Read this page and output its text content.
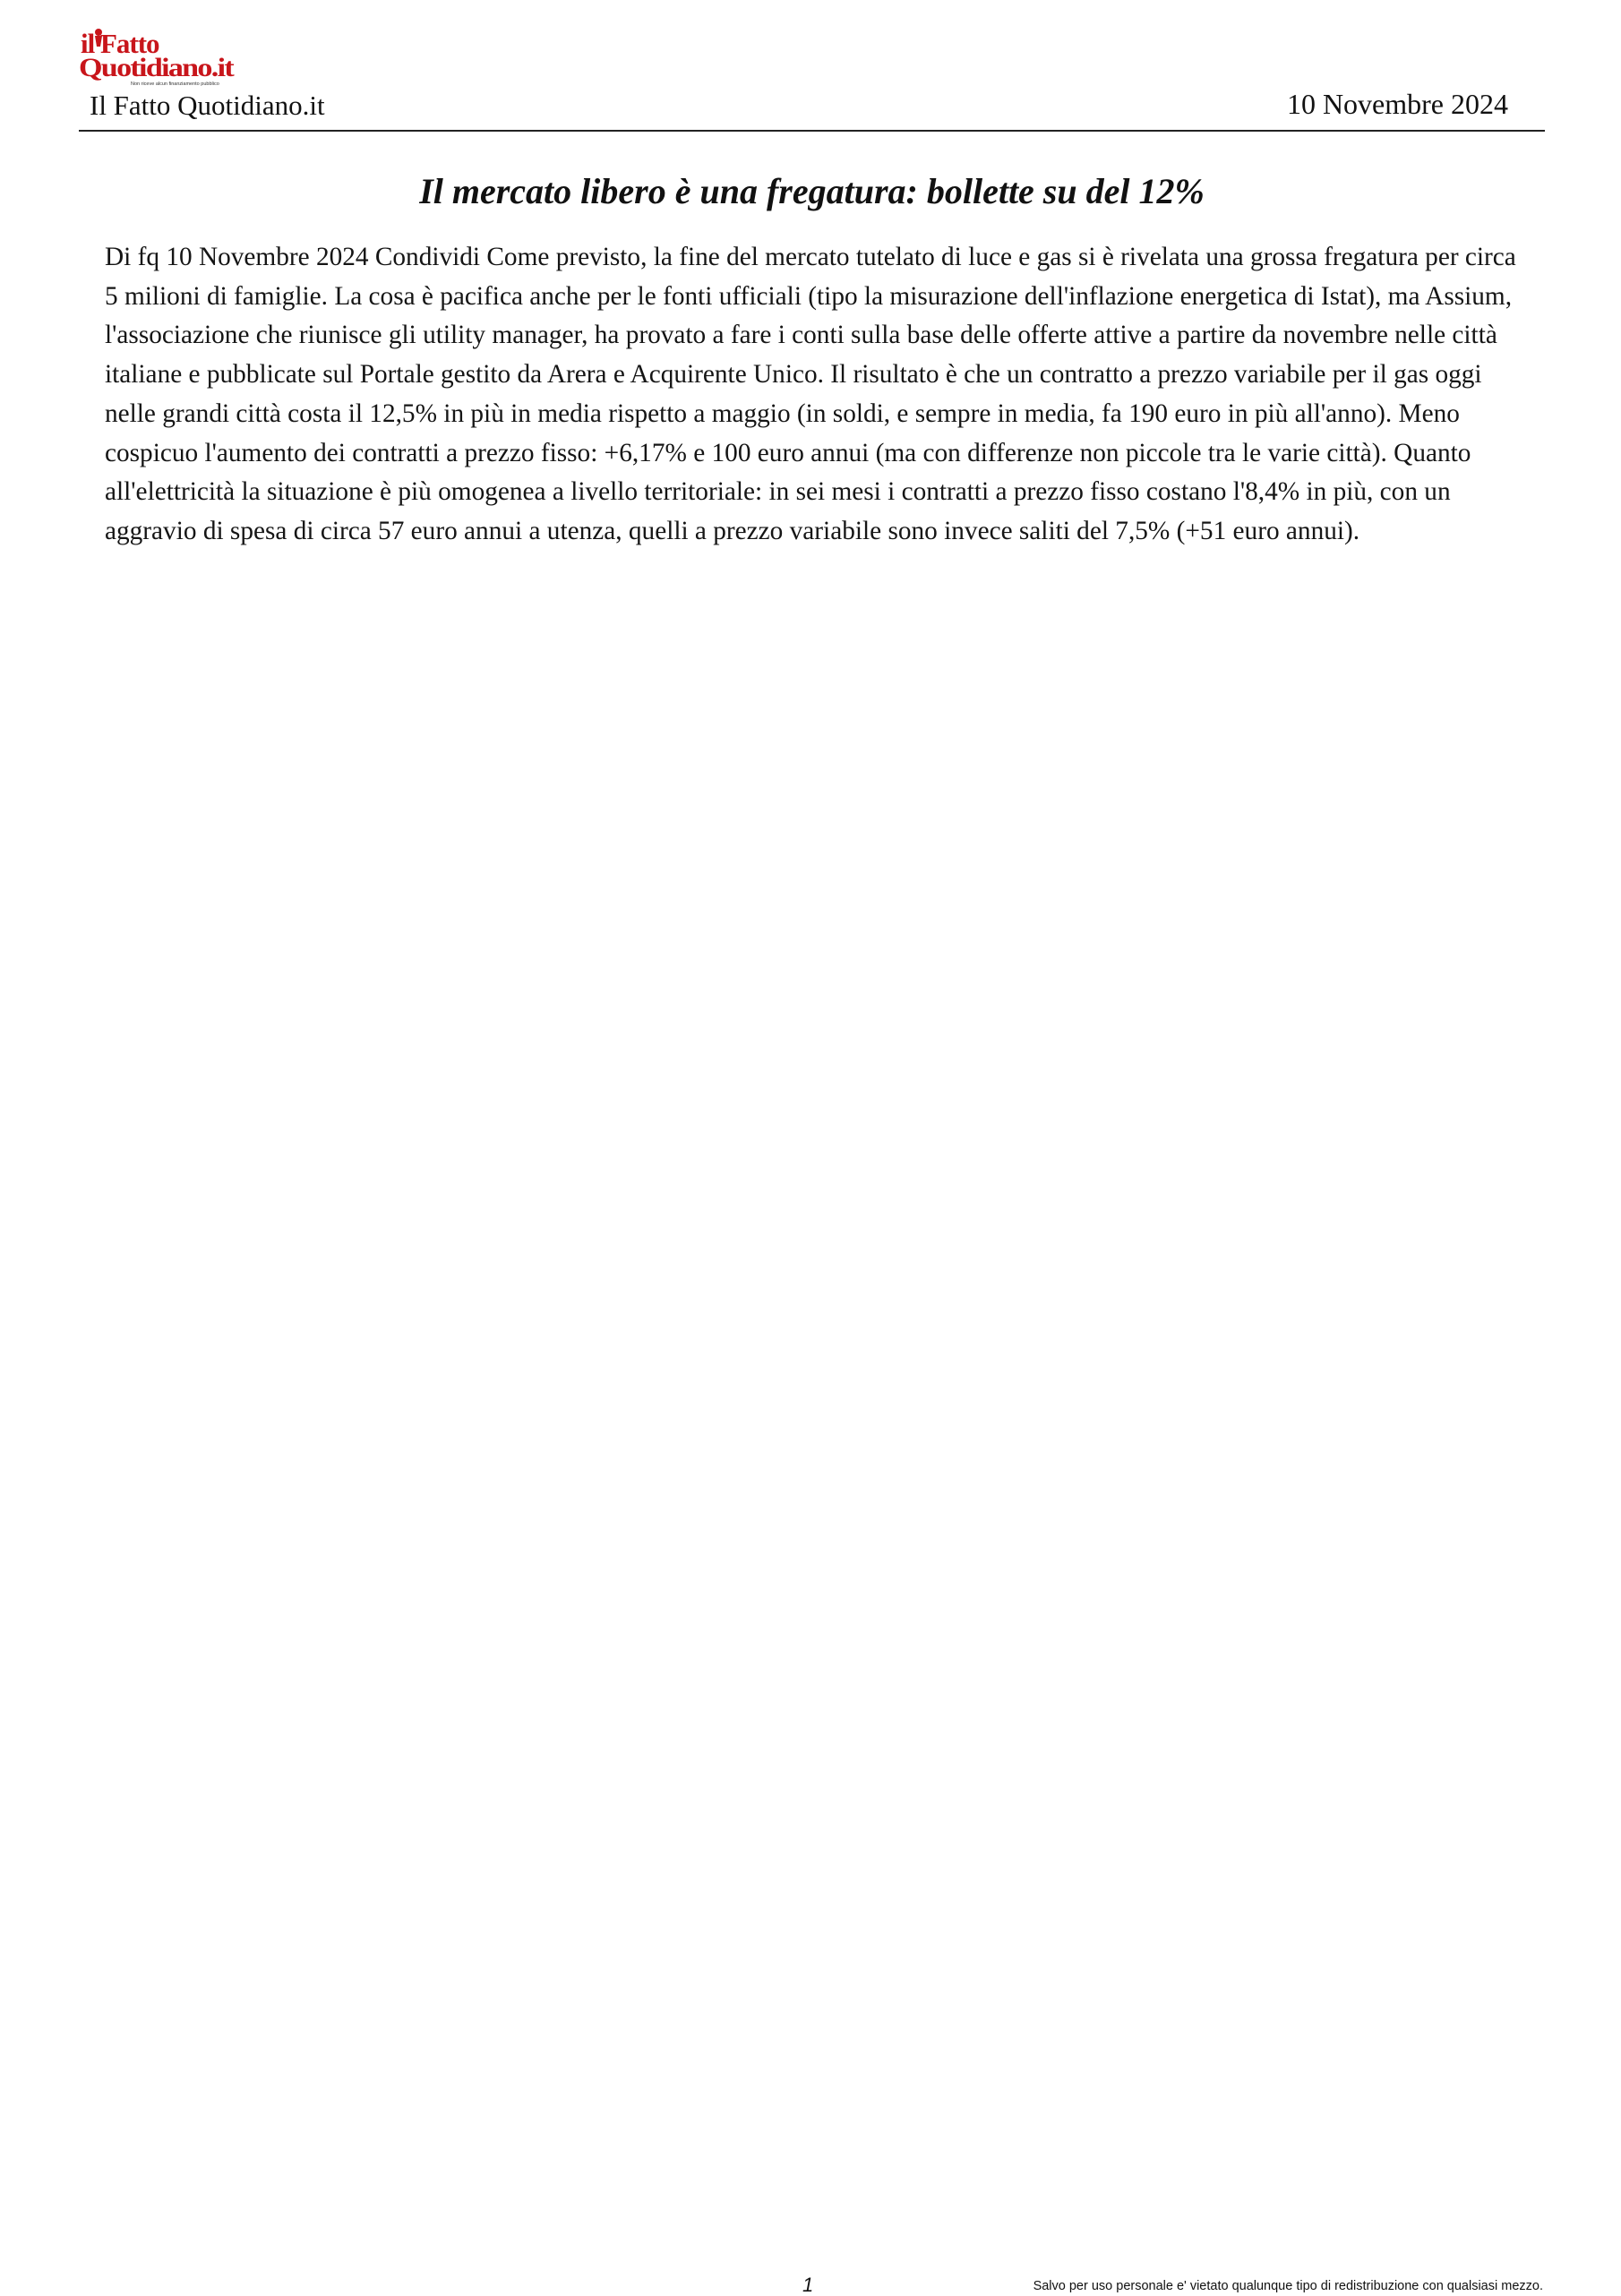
il Fatto
Quotidiano.it
Non riceve alcun finanziamento pubblico
Il Fatto Quotidiano.it	10 Novembre 2024
Il mercato libero è una fregatura: bollette su del 12%

Di fq 10 Novembre 2024 Condividi Come previsto, la fine del mercato tutelato di luce e gas si è rivelata una grossa fregatura per circa 5 milioni di famiglie. La cosa è pacifica anche per le fonti ufficiali (tipo la misurazione dell'inflazione energetica di Istat), ma Assium, l'associazione che riunisce gli utility manager, ha provato a fare i conti sulla base delle offerte attive a partire da novembre nelle città italiane e pubblicate sul Portale gestito da Arera e Acquirente Unico. Il risultato è che un contratto a prezzo variabile per il gas oggi nelle grandi città costa il 12,5% in più in media rispetto a maggio (in soldi, e sempre in media, fa 190 euro in più all'anno). Meno cospicuo l'aumento dei contratti a prezzo fisso: +6,17% e 100 euro annui (ma con differenze non piccole tra le varie città). Quanto all'elettricità la situazione è più omogenea a livello territoriale: in sei mesi i contratti a prezzo fisso costano l'8,4% in più, con un aggravio di spesa di circa 57 euro annui a utenza, quelli a prezzo variabile sono invece saliti del 7,5% (+51 euro annui).

1	Salvo per uso personale e' vietato qualunque tipo di redistribuzione con qualsiasi mezzo.
